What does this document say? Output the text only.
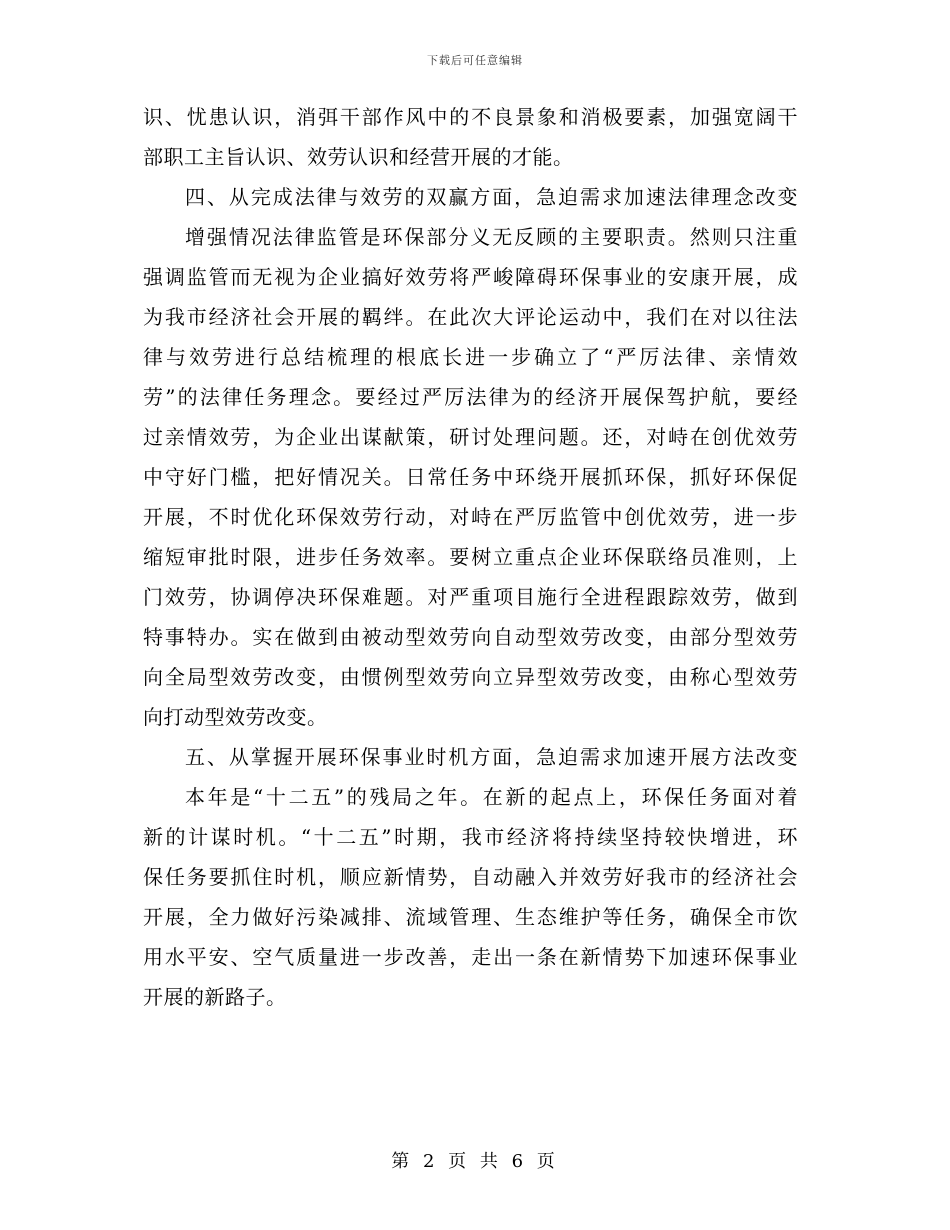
下载后可任意编辑
识、忧患认识，消弭干部作风中的不良景象和消极要素，加强宽阔干
部职工主旨认识、效劳认识和经营开展的才能。
四、从完成法律与效劳的双赢方面，急迫需求加速法律理念改变
增强情况法律监管是环保部分义无反顾的主要职责。然则只注重
强调监管而无视为企业搞好效劳将严峻障碍环保事业的安康开展，成
为我市经济社会开展的羁绊。在此次大评论运动中，我们在对以往法
律与效劳进行总结梳理的根底长进一步确立了“严厉法律、亲情效
劳”的法律任务理念。要经过严厉法律为的经济开展保驾护航，要经
过亲情效劳，为企业出谋献策，研讨处理问题。还，对峙在创优效劳
中守好门槛，把好情况关。日常任务中环绕开展抓环保，抓好环保促
开展，不时优化环保效劳行动，对峙在严厉监管中创优效劳，进一步
缩短审批时限，进步任务效率。要树立重点企业环保联络员准则，上
门效劳，协调停决环保难题。对严重项目施行全进程跟踪效劳，做到
特事特办。实在做到由被动型效劳向自动型效劳改变，由部分型效劳
向全局型效劳改变，由惯例型效劳向立异型效劳改变，由称心型效劳
向打动型效劳改变。
五、从掌握开展环保事业时机方面，急迫需求加速开展方法改变
本年是“十二五”的残局之年。在新的起点上，环保任务面对着
新的计谋时机。“十二五”时期，我市经济将持续坚持较快增进，环
保任务要抓住时机，顺应新情势，自动融入并效劳好我市的经济社会
开展，全力做好污染减排、流域管理、生态维护等任务，确保全市饮
用水平安、空气质量进一步改善，走出一条在新情势下加速环保事业
开展的新路子。
第 2 页 共 6 页
